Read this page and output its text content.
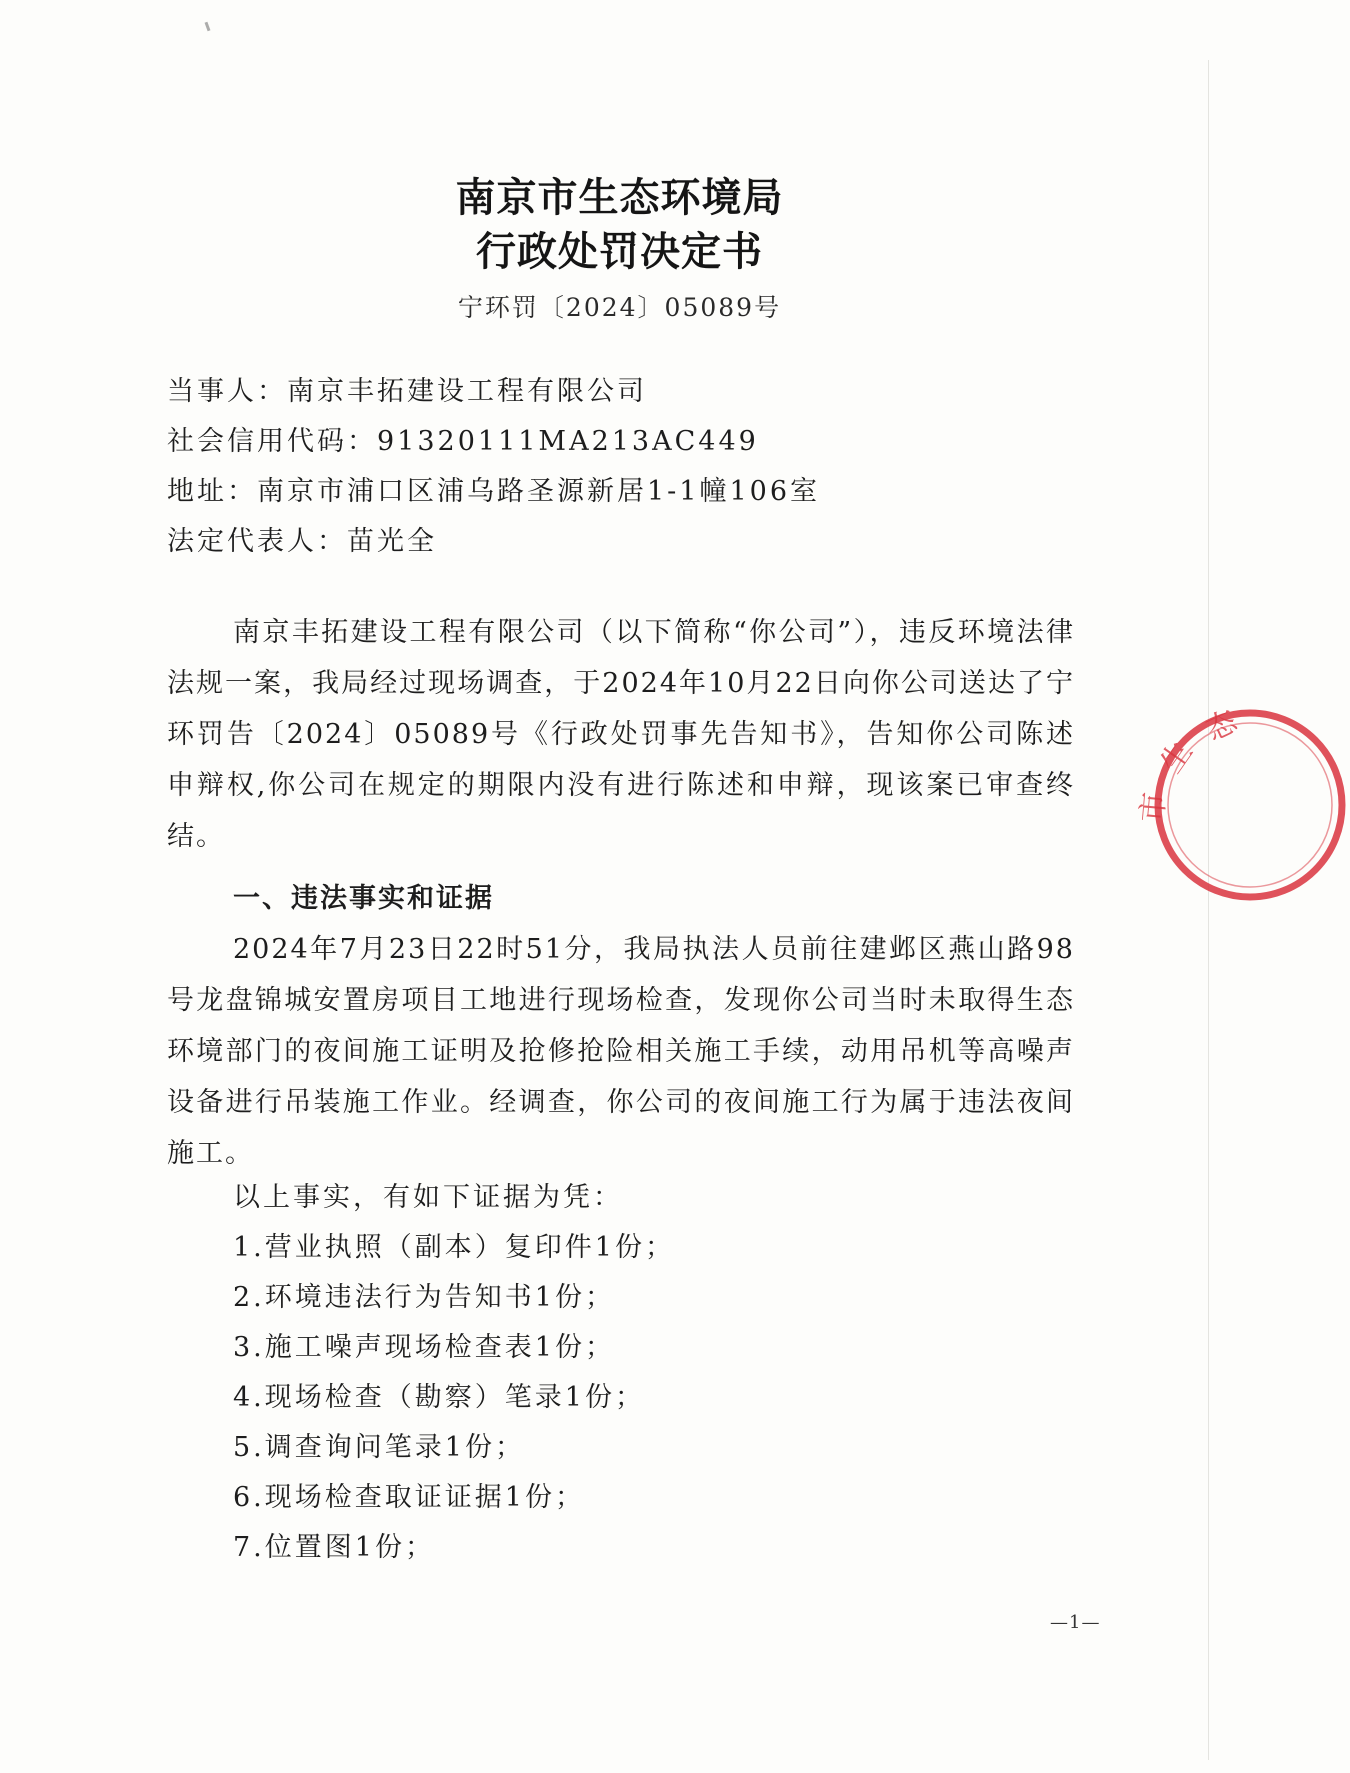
南京市生态环境局
行政处罚决定书
宁环罚〔2024〕05089号
当事人：南京丰拓建设工程有限公司
社会信用代码：91320111MA213AC449
地址：南京市浦口区浦乌路圣源新居1-1幢106室
法定代表人：苗光全

南京丰拓建设工程有限公司（以下简称“你公司”），违反环境法律法规一案，我局经过现场调查，于2024年10月22日向你公司送达了宁环罚告〔2024〕05089号《行政处罚事先告知书》，告知你公司陈述申辩权,你公司在规定的期限内没有进行陈述和申辩，现该案已审查终结。

一、违法事实和证据

2024年7月23日22时51分，我局执法人员前往建邺区燕山路98号龙盘锦城安置房项目工地进行现场检查，发现你公司当时未取得生态环境部门的夜间施工证明及抢修抢险相关施工手续，动用吊机等高噪声设备进行吊装施工作业。经调查，你公司的夜间施工行为属于违法夜间施工。

以上事实，有如下证据为凭：
1.营业执照（副本）复印件1份；
2.环境违法行为告知书1份；
3.施工噪声现场检查表1份；
4.现场检查（勘察）笔录1份；
5.调查询问笔录1份；
6.现场检查取证证据1份；
7.位置图1份；
—1—
生
态
市
